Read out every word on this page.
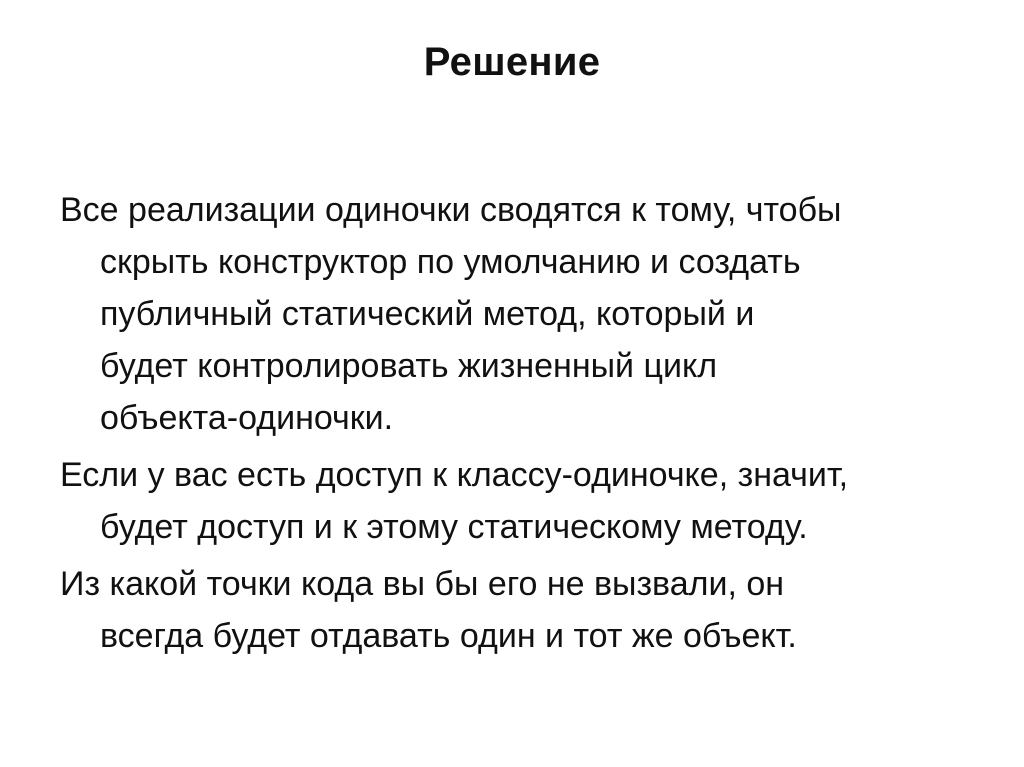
Решение
Все реализации одиночки сводятся к тому, чтобы
скрыть конструктор по умолчанию и создать
публичный статический метод, который и
будет контролировать жизненный цикл
объекта-одиночки.
Если у вас есть доступ к классу-одиночке, значит,
будет доступ и к этому статическому методу.
Из какой точки кода вы бы его не вызвали, он
всегда будет отдавать один и тот же объект.
